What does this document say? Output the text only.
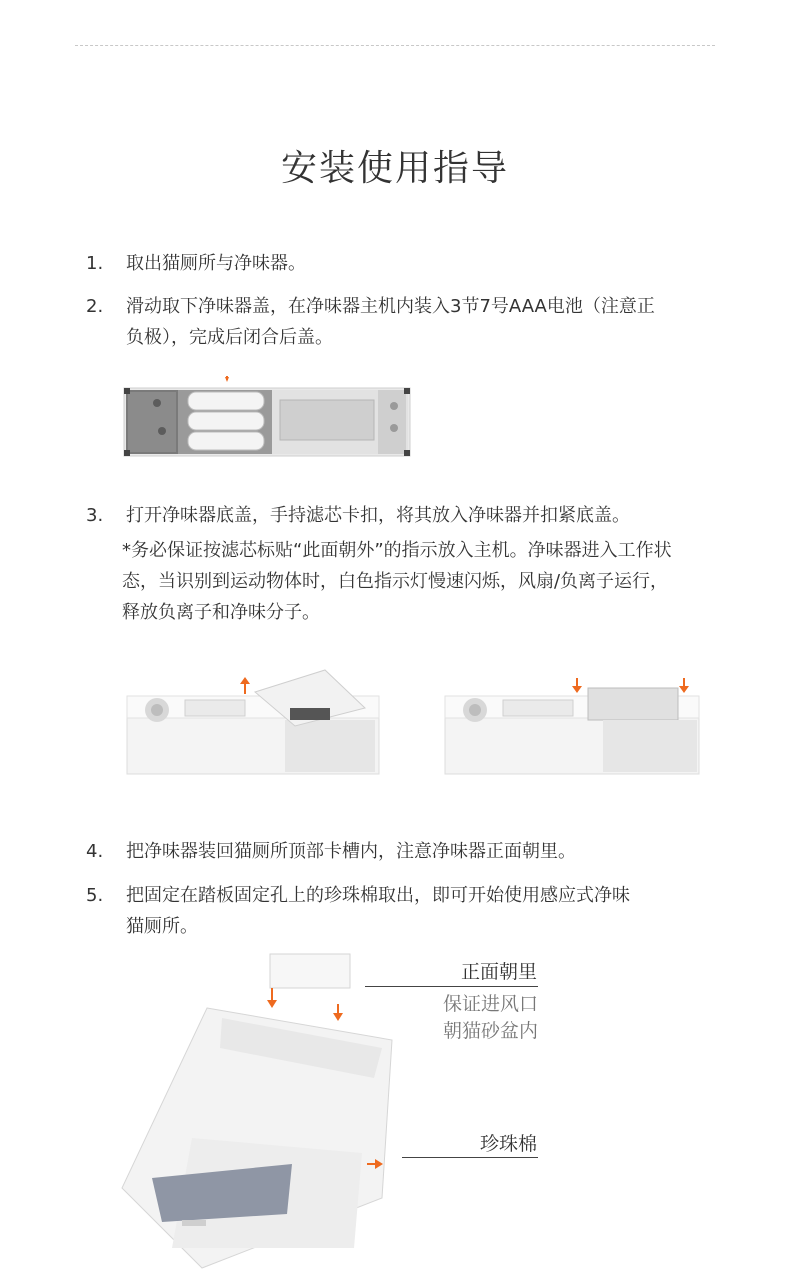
安装使用指导
1.	取出猫厕所与净味器。
2.	滑动取下净味器盖，在净味器主机内装入3节7号AAA电池（注意正负极），完成后闭合后盖。
3.	打开净味器底盖，手持滤芯卡扣，将其放入净味器并扣紧底盖。
*务必保证按滤芯标贴“此面朝外”的指示放入主机。净味器进入工作状态，当识别到运动物体时，白色指示灯慢速闪烁，风扇/负离子运行，释放负离子和净味分子。
4.	把净味器装回猫厕所顶部卡槽内，注意净味器正面朝里。
5.	把固定在踏板固定孔上的珍珠棉取出，即可开始使用感应式净味猫厕所。
正面朝里
保证进风口
朝猫砂盆内
珍珠棉
